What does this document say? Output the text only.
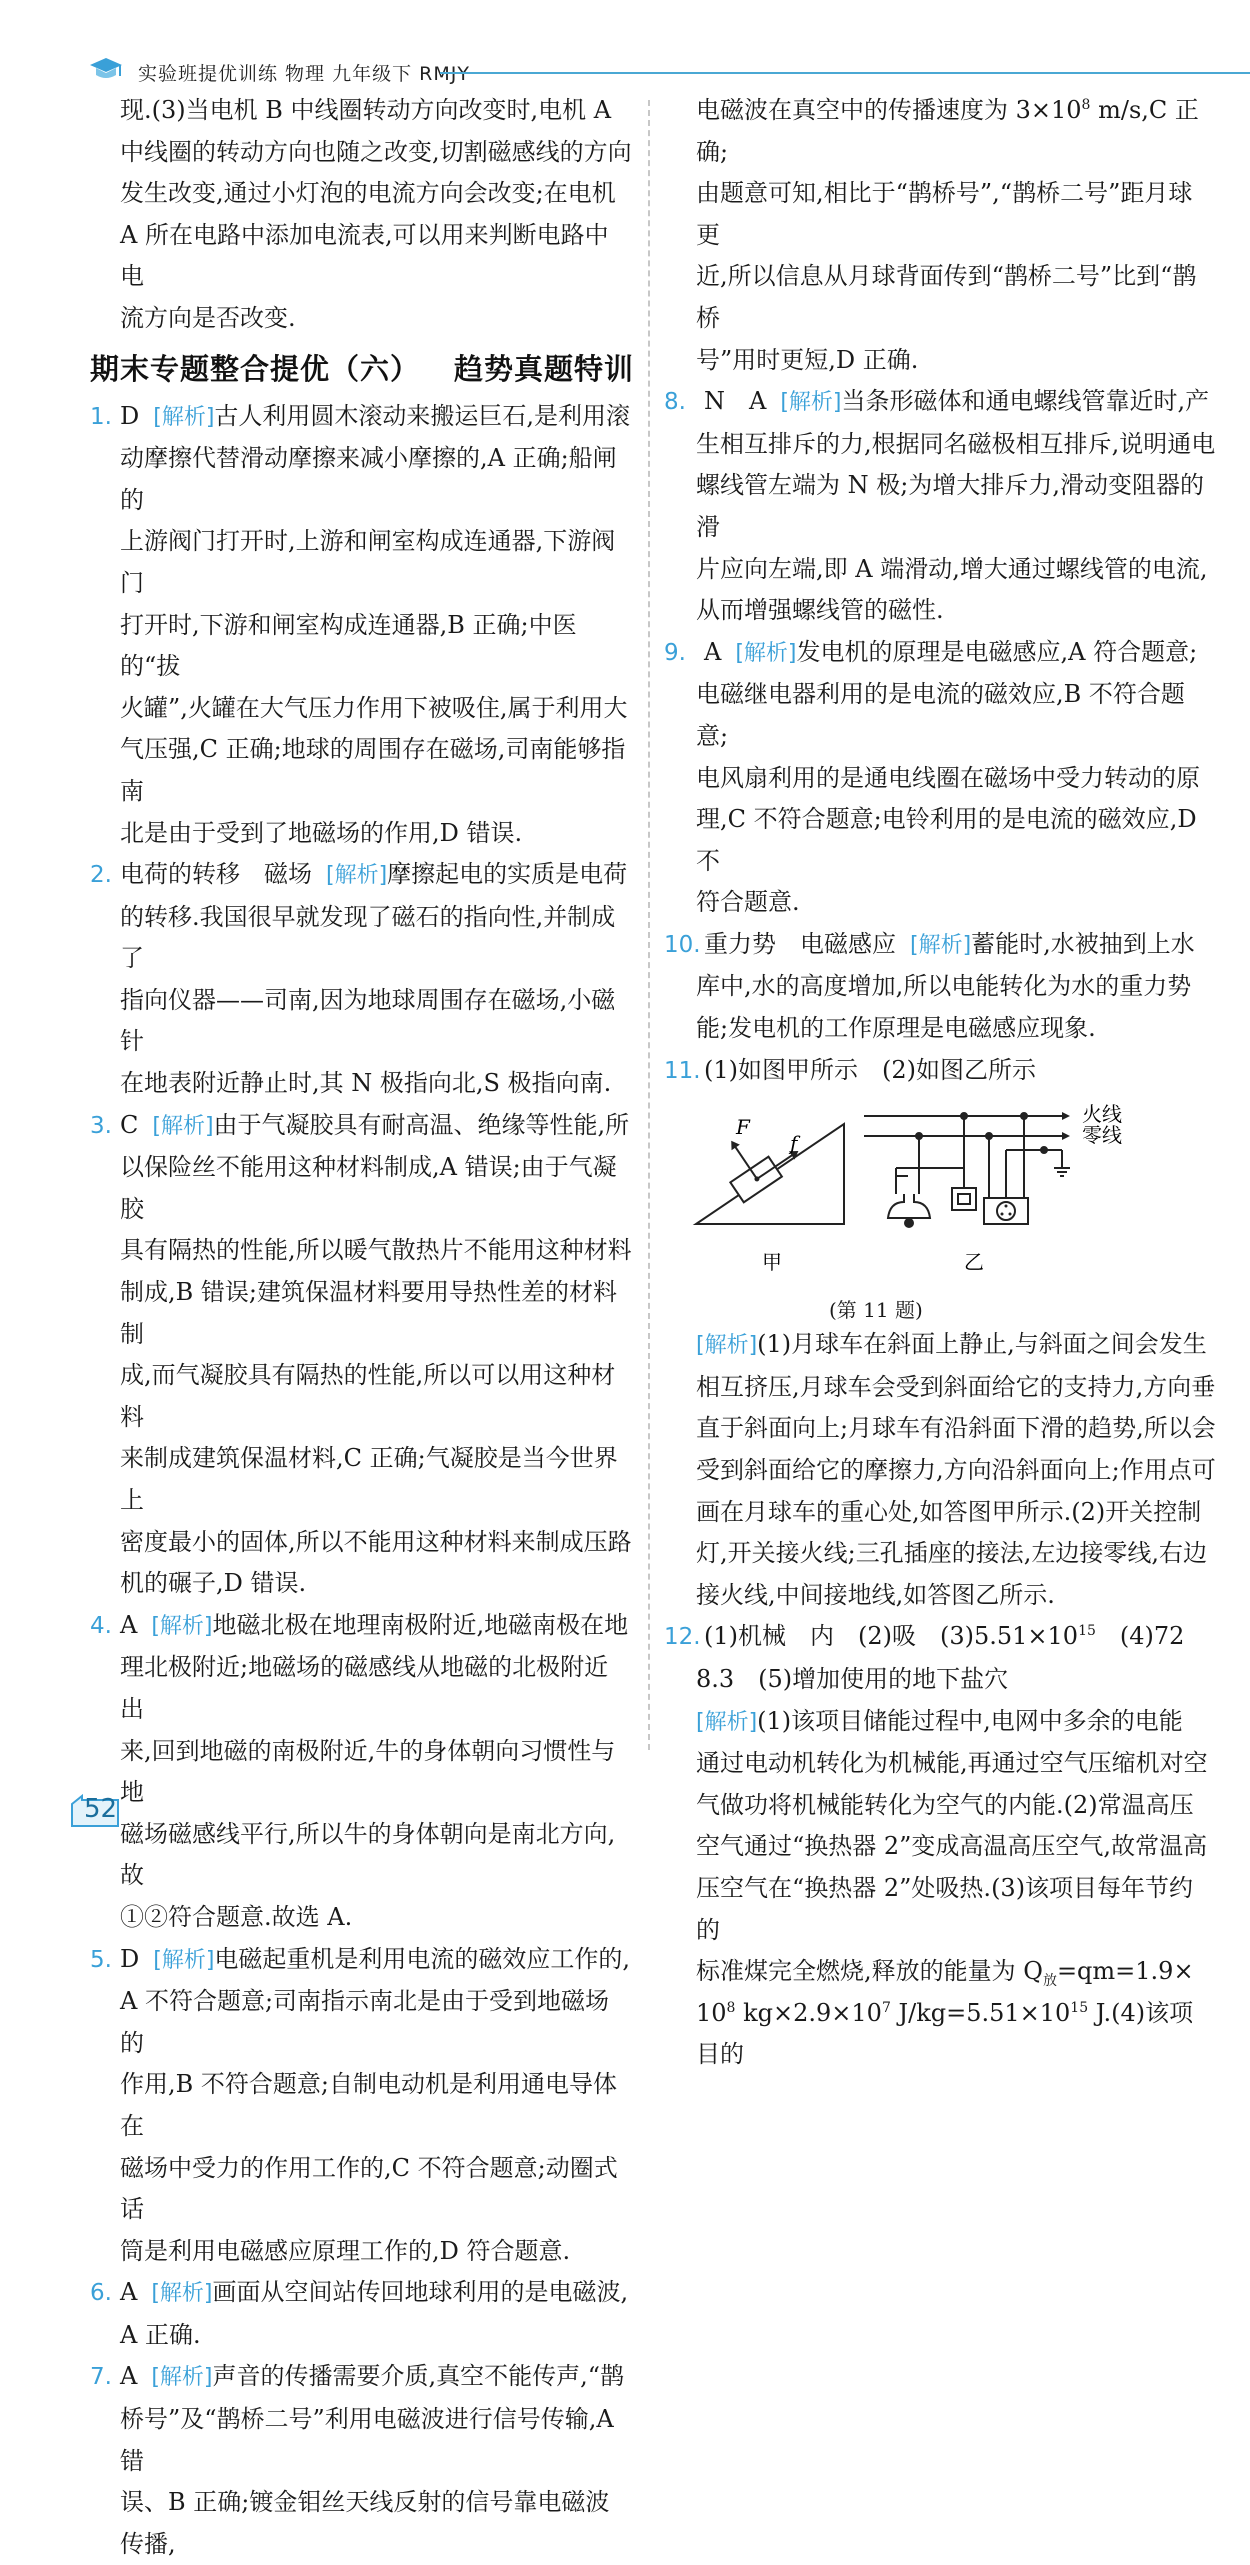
实验班提优训练 物理 九年级下 RMJY

现.(3)当电机 B 中线圈转动方向改变时,电机 A

中线圈的转动方向也随之改变,切割磁感线的方向

发生改变,通过小灯泡的电流方向会改变;在电机

A 所在电路中添加电流表,可以用来判断电路中电

流方向是否改变.

期末专题整合提优（六） 趋势真题特训

1. D [解析]古人利用圆木滚动来搬运巨石,是利用滚

动摩擦代替滑动摩擦来减小摩擦的,A 正确;船闸的

上游阀门打开时,上游和闸室构成连通器,下游阀门

打开时,下游和闸室构成连通器,B 正确;中医的“拔

火罐”,火罐在大气压力作用下被吸住,属于利用大

气压强,C 正确;地球的周围存在磁场,司南能够指南

北是由于受到了地磁场的作用,D 错误.

2. 电荷的转移　磁场 [解析]摩擦起电的实质是电荷

的转移.我国很早就发现了磁石的指向性,并制成了

指向仪器——司南,因为地球周围存在磁场,小磁针

在地表附近静止时,其 N 极指向北,S 极指向南.

3. C [解析]由于气凝胶具有耐高温、绝缘等性能,所

以保险丝不能用这种材料制成,A 错误;由于气凝胶

具有隔热的性能,所以暖气散热片不能用这种材料

制成,B 错误;建筑保温材料要用导热性差的材料制

成,而气凝胶具有隔热的性能,所以可以用这种材料

来制成建筑保温材料,C 正确;气凝胶是当今世界上

密度最小的固体,所以不能用这种材料来制成压路

机的碾子,D 错误.

4. A [解析]地磁北极在地理南极附近,地磁南极在地

理北极附近;地磁场的磁感线从地磁的北极附近出

来,回到地磁的南极附近,牛的身体朝向习惯性与地

磁场磁感线平行,所以牛的身体朝向是南北方向,故

①②符合题意.故选 A.

5. D [解析]电磁起重机是利用电流的磁效应工作的,

A 不符合题意;司南指示南北是由于受到地磁场的

作用,B 不符合题意;自制电动机是利用通电导体在

磁场中受力的作用工作的,C 不符合题意;动圈式话

筒是利用电磁感应原理工作的,D 符合题意.

6. A [解析]画面从空间站传回地球利用的是电磁波,

A 正确.

7. A [解析]声音的传播需要介质,真空不能传声,“鹊

桥号”及“鹊桥二号”利用电磁波进行信号传输,A 错

误、B 正确;镀金钼丝天线反射的信号靠电磁波传播,

电磁波在真空中的传播速度为 $3\times 10^8$ m/s,C 正确;

由题意可知,相比于“鹊桥号”,“鹊桥二号”距月球更

近,所以信息从月球背面传到“鹊桥二号”比到“鹊桥

号”用时更短,D 正确.

8. N　A [解析]当条形磁体和通电螺线管靠近时,产

生相互排斥的力,根据同名磁极相互排斥,说明通电

螺线管左端为 N 极;为增大排斥力,滑动变阻器的滑

片应向左端,即 A 端滑动,增大通过螺线管的电流,

从而增强螺线管的磁性.

9. A [解析]发电机的原理是电磁感应,A 符合题意;

电磁继电器利用的是电流的磁效应,B 不符合题意;

电风扇利用的是通电线圈在磁场中受力转动的原

理,C 不符合题意;电铃利用的是电流的磁效应,D 不

符合题意.

10. 重力势　电磁感应 [解析]蓄能时,水被抽到上水

库中,水的高度增加,所以电能转化为水的重力势

能;发电机的工作原理是电磁感应现象.

11. (1)如图甲所示　(2)如图乙所示

F
f
甲
火线
零线
乙
(第 11 题)

[解析](1)月球车在斜面上静止,与斜面之间会发生

相互挤压,月球车会受到斜面给它的支持力,方向垂

直于斜面向上;月球车有沿斜面下滑的趋势,所以会

受到斜面给它的摩擦力,方向沿斜面向上;作用点可

画在月球车的重心处,如答图甲所示.(2)开关控制

灯,开关接火线;三孔插座的接法,左边接零线,右边

接火线,中间接地线,如答图乙所示.

12. (1)机械　内　(2)吸　$(3)5.51\times 10^{15}$　(4)72

8.3　(5)增加使用的地下盐穴

[解析](1)该项目储能过程中,电网中多余的电能

通过电动机转化为机械能,再通过空气压缩机对空

气做功将机械能转化为空气的内能.(2)常温高压

空气通过“换热器 2”变成高温高压空气,故常温高

压空气在“换热器 2”处吸热.(3)该项目每年节约的

标准煤完全燃烧,释放的能量为 $Q_放=qm=1.9\times$

$10^8$ $kg\times 2.9\times 10^7$ $J/kg=5.51\times 10^{15}$ J.(4)该项目的

52
